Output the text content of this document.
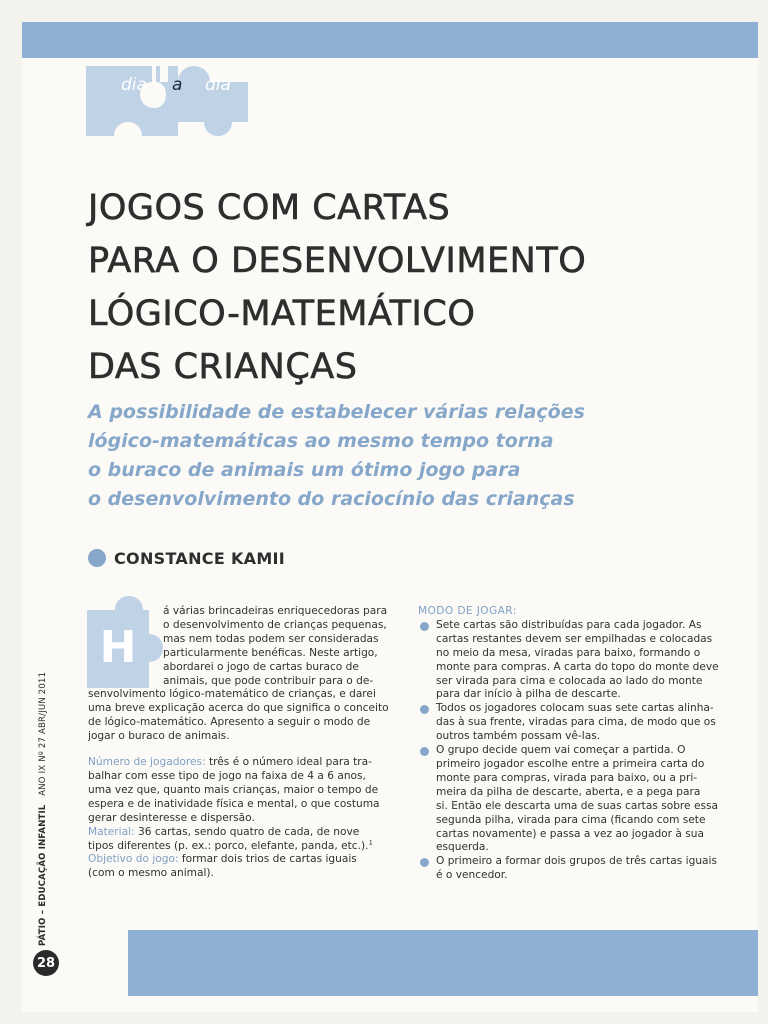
dia a dia
JOGOS COM CARTAS
PARA O DESENVOLVIMENTO
LÓGICO-MATEMÁTICO
DAS CRIANÇAS
A possibilidade de estabelecer várias relações
lógico-matemáticas ao mesmo tempo torna
o buraco de animais um ótimo jogo para
o desenvolvimento do raciocínio das crianças
CONSTANCE KAMII
H
á várias brincadeiras enriquecedoras para
o desenvolvimento de crianças pequenas,
mas nem todas podem ser consideradas
particularmente benéficas. Neste artigo,
abordarei o jogo de cartas buraco de
animais, que pode contribuir para o de-
senvolvimento lógico-matemático de crianças, e darei
uma breve explicação acerca do que significa o conceito
de lógico-matemático. Apresento a seguir o modo de
jogar o buraco de animais.
Número de jogadores: três é o número ideal para tra-
balhar com esse tipo de jogo na faixa de 4 a 6 anos,
uma vez que, quanto mais crianças, maior o tempo de
espera e de inatividade física e mental, o que costuma
gerar desinteresse e dispersão.
Material: 36 cartas, sendo quatro de cada, de nove
tipos diferentes (p. ex.: porco, elefante, panda, etc.).$^1$
Objetivo do jogo: formar dois trios de cartas iguais
(com o mesmo animal).
MODO DE JOGAR:
Sete cartas são distribuídas para cada jogador. As
cartas restantes devem ser empilhadas e colocadas
no meio da mesa, viradas para baixo, formando o
monte para compras. A carta do topo do monte deve
ser virada para cima e colocada ao lado do monte
para dar início à pilha de descarte.
Todos os jogadores colocam suas sete cartas alinha-
das à sua frente, viradas para cima, de modo que os
outros também possam vê-las.
O grupo decide quem vai começar a partida. O
primeiro jogador escolhe entre a primeira carta do
monte para compras, virada para baixo, ou a pri-
meira da pilha de descarte, aberta, e a pega para
si. Então ele descarta uma de suas cartas sobre essa
segunda pilha, virada para cima (ficando com sete
cartas novamente) e passa a vez ao jogador à sua
esquerda.
O primeiro a formar dois grupos de três cartas iguais
é o vencedor.
PÁTIO – EDUCAÇÃO INFANTIL   ANO IX Nº 27 ABR/JUN 2011
28
